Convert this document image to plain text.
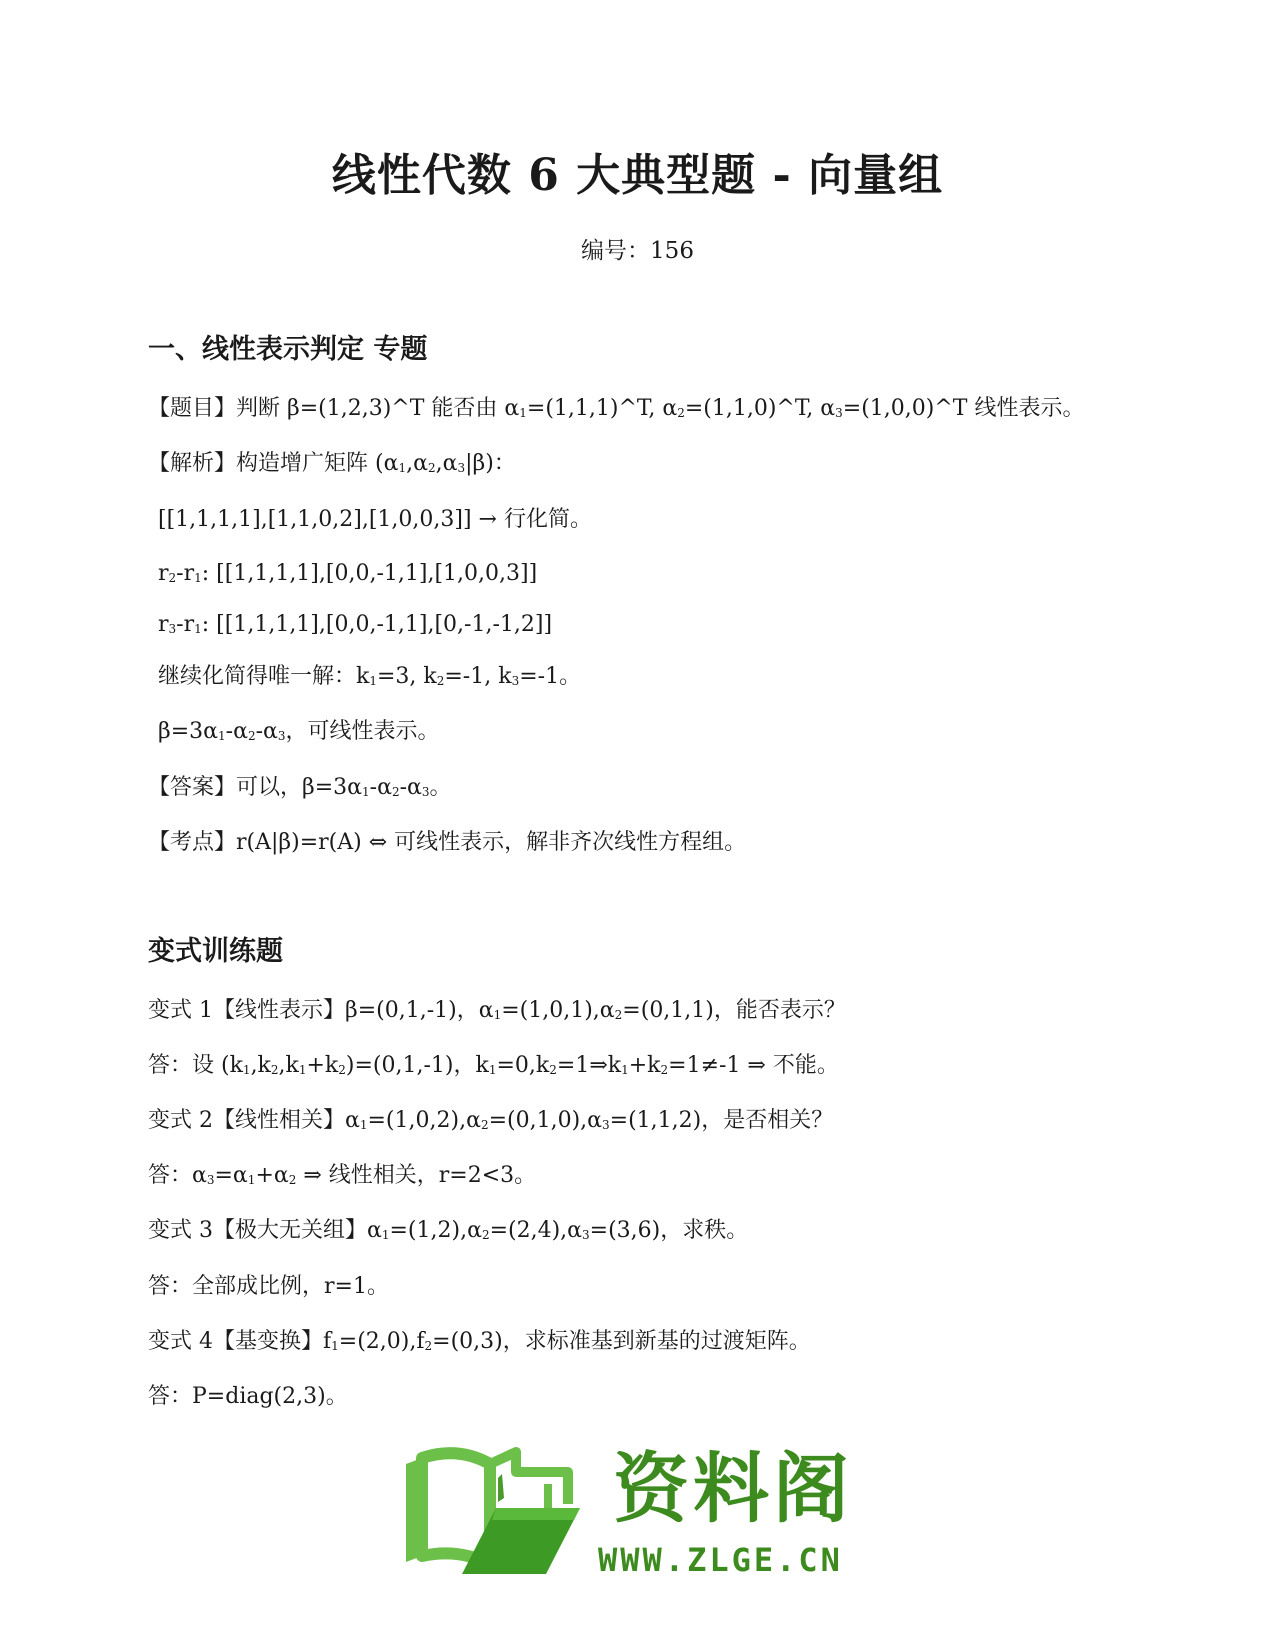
线性代数 6 大典型题 - 向量组
编号：156
一、线性表示判定 专题
【题目】判断 β=(1,2,3)^T 能否由 $\alpha_1=(1,1,1)\^{}T$, $\alpha_2=(1,1,0)\^{}T$, $\alpha_3=(1,0,0)\^{}T$ 线性表示。
【解析】构造增广矩阵 $(\alpha_1,\alpha_2,\alpha_3|\beta)$：
[[1,1,1,1],[1,1,0,2],[1,0,0,3]] → 行化简。
$r_2-r_1$: [[1,1,1,1],[0,0,-1,1],[1,0,0,3]]
$r_3-r_1$: [[1,1,1,1],[0,0,-1,1],[0,-1,-1,2]]
继续化简得唯一解：$k_1=3$, $k_2=-1$, $k_3=-1$。
$\beta=3\alpha_1-\alpha_2-\alpha_3$，可线性表示。
【答案】可以，$\beta=3\alpha_1-\alpha_2-\alpha_3$。
【考点】r(A|β)=r(A) ⇔ 可线性表示，解非齐次线性方程组。
变式训练题
变式 1【线性表示】β=(0,1,-1)，$\alpha_1=(1,0,1),\alpha_2=(0,1,1)$，能否表示？
答：设 $(k_1,k_2,k_1+k_2)=(0,1,-1)$，$k_1=0,k_2=1\Rightarrow k_1+k_2=1\ne-1$ ⇒ 不能。
变式 2【线性相关】$\alpha_1=(1,0,2),\alpha_2=(0,1,0),\alpha_3=(1,1,2)$，是否相关？
答：$\alpha_3=\alpha_1+\alpha_2$ ⇒ 线性相关，r=2<3。
变式 3【极大无关组】$\alpha_1=(1,2),\alpha_2=(2,4),\alpha_3=(3,6)$，求秩。
答：全部成比例，r=1。
变式 4【基变换】$f_1=(2,0),f_2=(0,3)$，求标准基到新基的过渡矩阵。
答：P=diag(2,3)。
资料阁
WWW.ZLGE.CN
